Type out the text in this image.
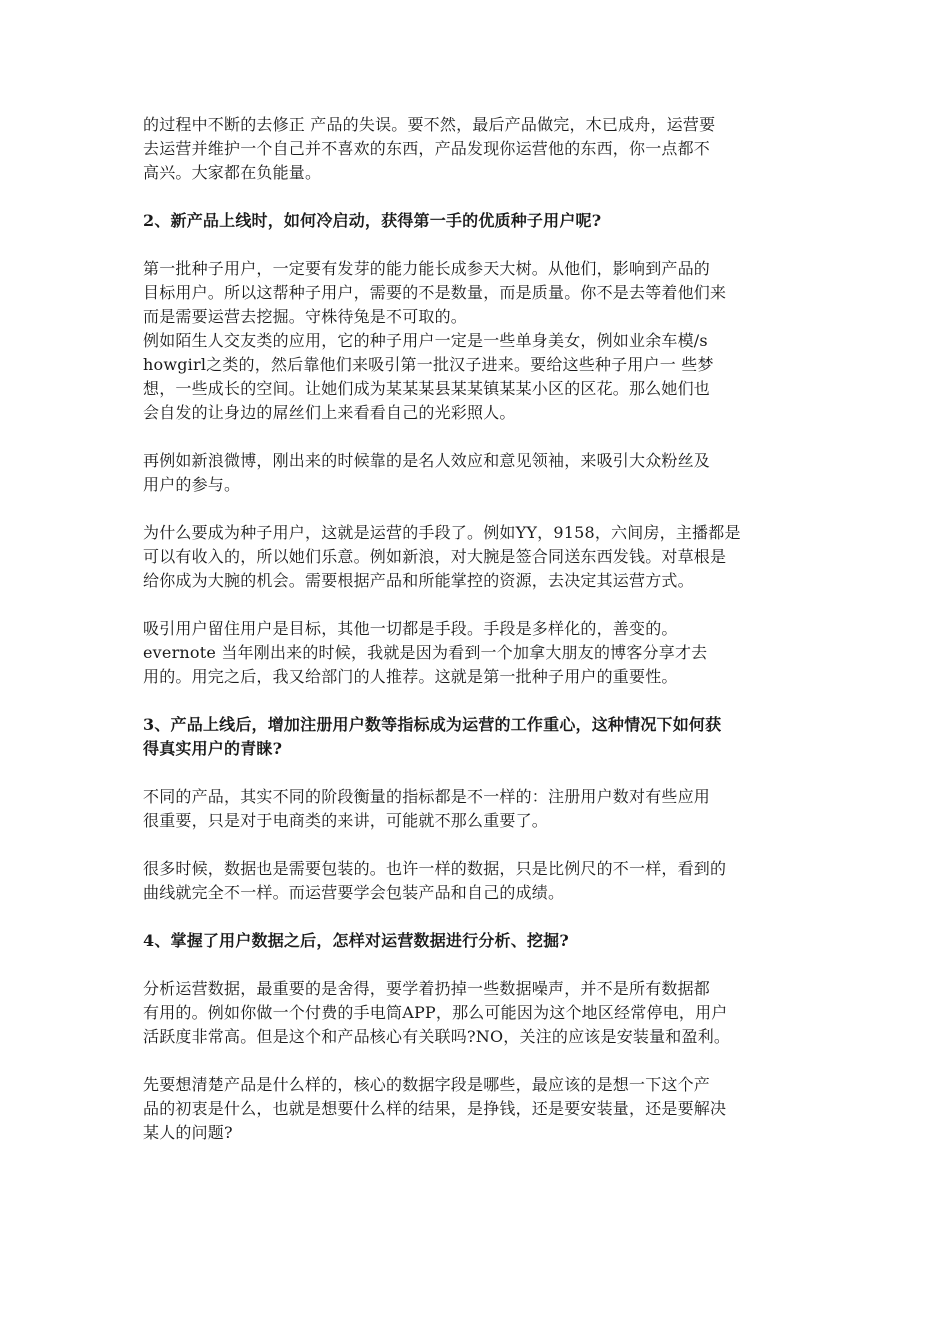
的过程中不断的去修正 产品的失误。要不然，最后产品做完，木已成舟，运营要
去运营并维护一个自己并不喜欢的东西，产品发现你运营他的东西，你一点都不
高兴。大家都在负能量。
2、新产品上线时，如何冷启动，获得第一手的优质种子用户呢?
第一批种子用户，一定要有发芽的能力能长成参天大树。从他们，影响到产品的
目标用户。所以这帮种子用户，需要的不是数量，而是质量。你不是去等着他们来
而是需要运营去挖掘。守株待兔是不可取的。
例如陌生人交友类的应用，它的种子用户一定是一些单身美女，例如业余车模/s
howgirl之类的，然后靠他们来吸引第一批汉子进来。要给这些种子用户一 些梦
想，一些成长的空间。让她们成为某某某县某某镇某某小区的区花。那么她们也
会自发的让身边的屌丝们上来看看自己的光彩照人。
再例如新浪微博，刚出来的时候靠的是名人效应和意见领袖，来吸引大众粉丝及
用户的参与。
为什么要成为种子用户，这就是运营的手段了。例如YY，9158，六间房，主播都是
可以有收入的，所以她们乐意。例如新浪，对大腕是签合同送东西发钱。对草根是
给你成为大腕的机会。需要根据产品和所能掌控的资源，去决定其运营方式。
吸引用户留住用户是目标，其他一切都是手段。手段是多样化的，善变的。
evernote 当年刚出来的时候，我就是因为看到一个加拿大朋友的博客分享才去
用的。用完之后，我又给部门的人推荐。这就是第一批种子用户的重要性。
3、产品上线后，增加注册用户数等指标成为运营的工作重心，这种情况下如何获
得真实用户的青睐?
不同的产品，其实不同的阶段衡量的指标都是不一样的：注册用户数对有些应用
很重要，只是对于电商类的来讲，可能就不那么重要了。
很多时候，数据也是需要包装的。也许一样的数据，只是比例尺的不一样，看到的
曲线就完全不一样。而运营要学会包装产品和自己的成绩。
4、掌握了用户数据之后，怎样对运营数据进行分析、挖掘?
分析运营数据，最重要的是舍得，要学着扔掉一些数据噪声，并不是所有数据都
有用的。例如你做一个付费的手电筒APP，那么可能因为这个地区经常停电，用户
活跃度非常高。但是这个和产品核心有关联吗?NO，关注的应该是安装量和盈利。
先要想清楚产品是什么样的，核心的数据字段是哪些，最应该的是想一下这个产
品的初衷是什么，也就是想要什么样的结果，是挣钱，还是要安装量，还是要解决
某人的问题?
